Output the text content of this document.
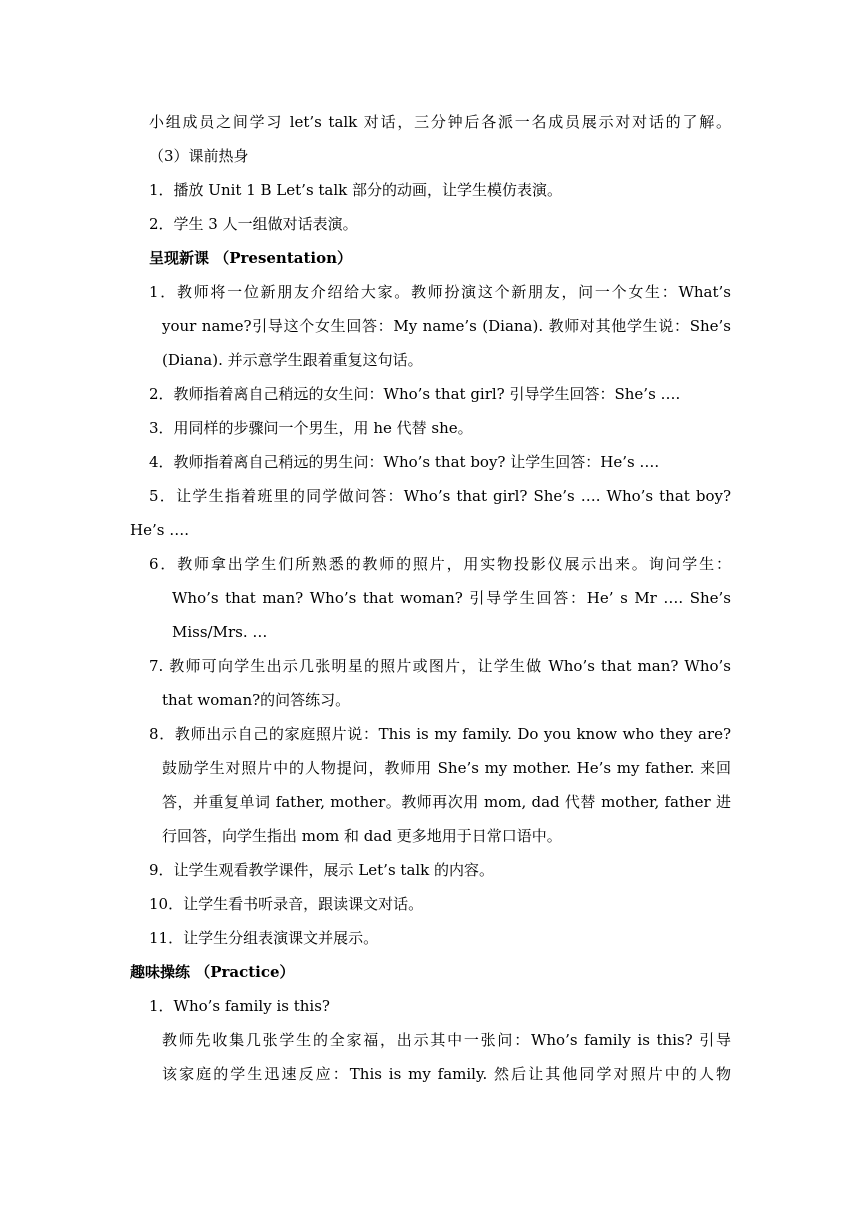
小组成员之间学习 let’s talk 对话，三分钟后各派一名成员展示对对话的了解。
（3）课前热身
1．播放 Unit 1 B Let’s talk 部分的动画，让学生模仿表演。
2．学生 3 人一组做对话表演。
呈现新课 （Presentation）
1．教师将一位新朋友介绍给大家。教师扮演这个新朋友，问一个女生：What’s
your name?引导这个女生回答：My name’s (Diana). 教师对其他学生说：She’s
(Diana). 并示意学生跟着重复这句话。
2．教师指着离自己稍远的女生问：Who’s that girl? 引导学生回答：She’s ….
3．用同样的步骤问一个男生，用 he 代替 she。
4．教师指着离自己稍远的男生问：Who’s that boy? 让学生回答：He’s ….
5．让学生指着班里的同学做问答：Who’s that girl? She’s …. Who’s that boy?
He’s ….
6．教师拿出学生们所熟悉的教师的照片，用实物投影仪展示出来。询问学生：
Who’s that man? Who’s that woman? 引导学生回答：He’ s Mr …. She’s
Miss/Mrs. …
7. 教师可向学生出示几张明星的照片或图片，让学生做 Who’s that man? Who’s
that woman?的问答练习。
8．教师出示自己的家庭照片说：This is my family. Do you know who they are?
鼓励学生对照片中的人物提问，教师用 She’s my mother. He’s my father. 来回
答，并重复单词 father, mother。教师再次用 mom, dad 代替 mother, father 进
行回答，向学生指出 mom 和 dad 更多地用于日常口语中。
9．让学生观看教学课件，展示 Let’s talk 的内容。
10．让学生看书听录音，跟读课文对话。
11．让学生分组表演课文并展示。
趣味操练 （Practice）
1．Who’s family is this?
教师先收集几张学生的全家福，出示其中一张问：Who’s family is this? 引导
该家庭的学生迅速反应：This is my family. 然后让其他同学对照片中的人物
